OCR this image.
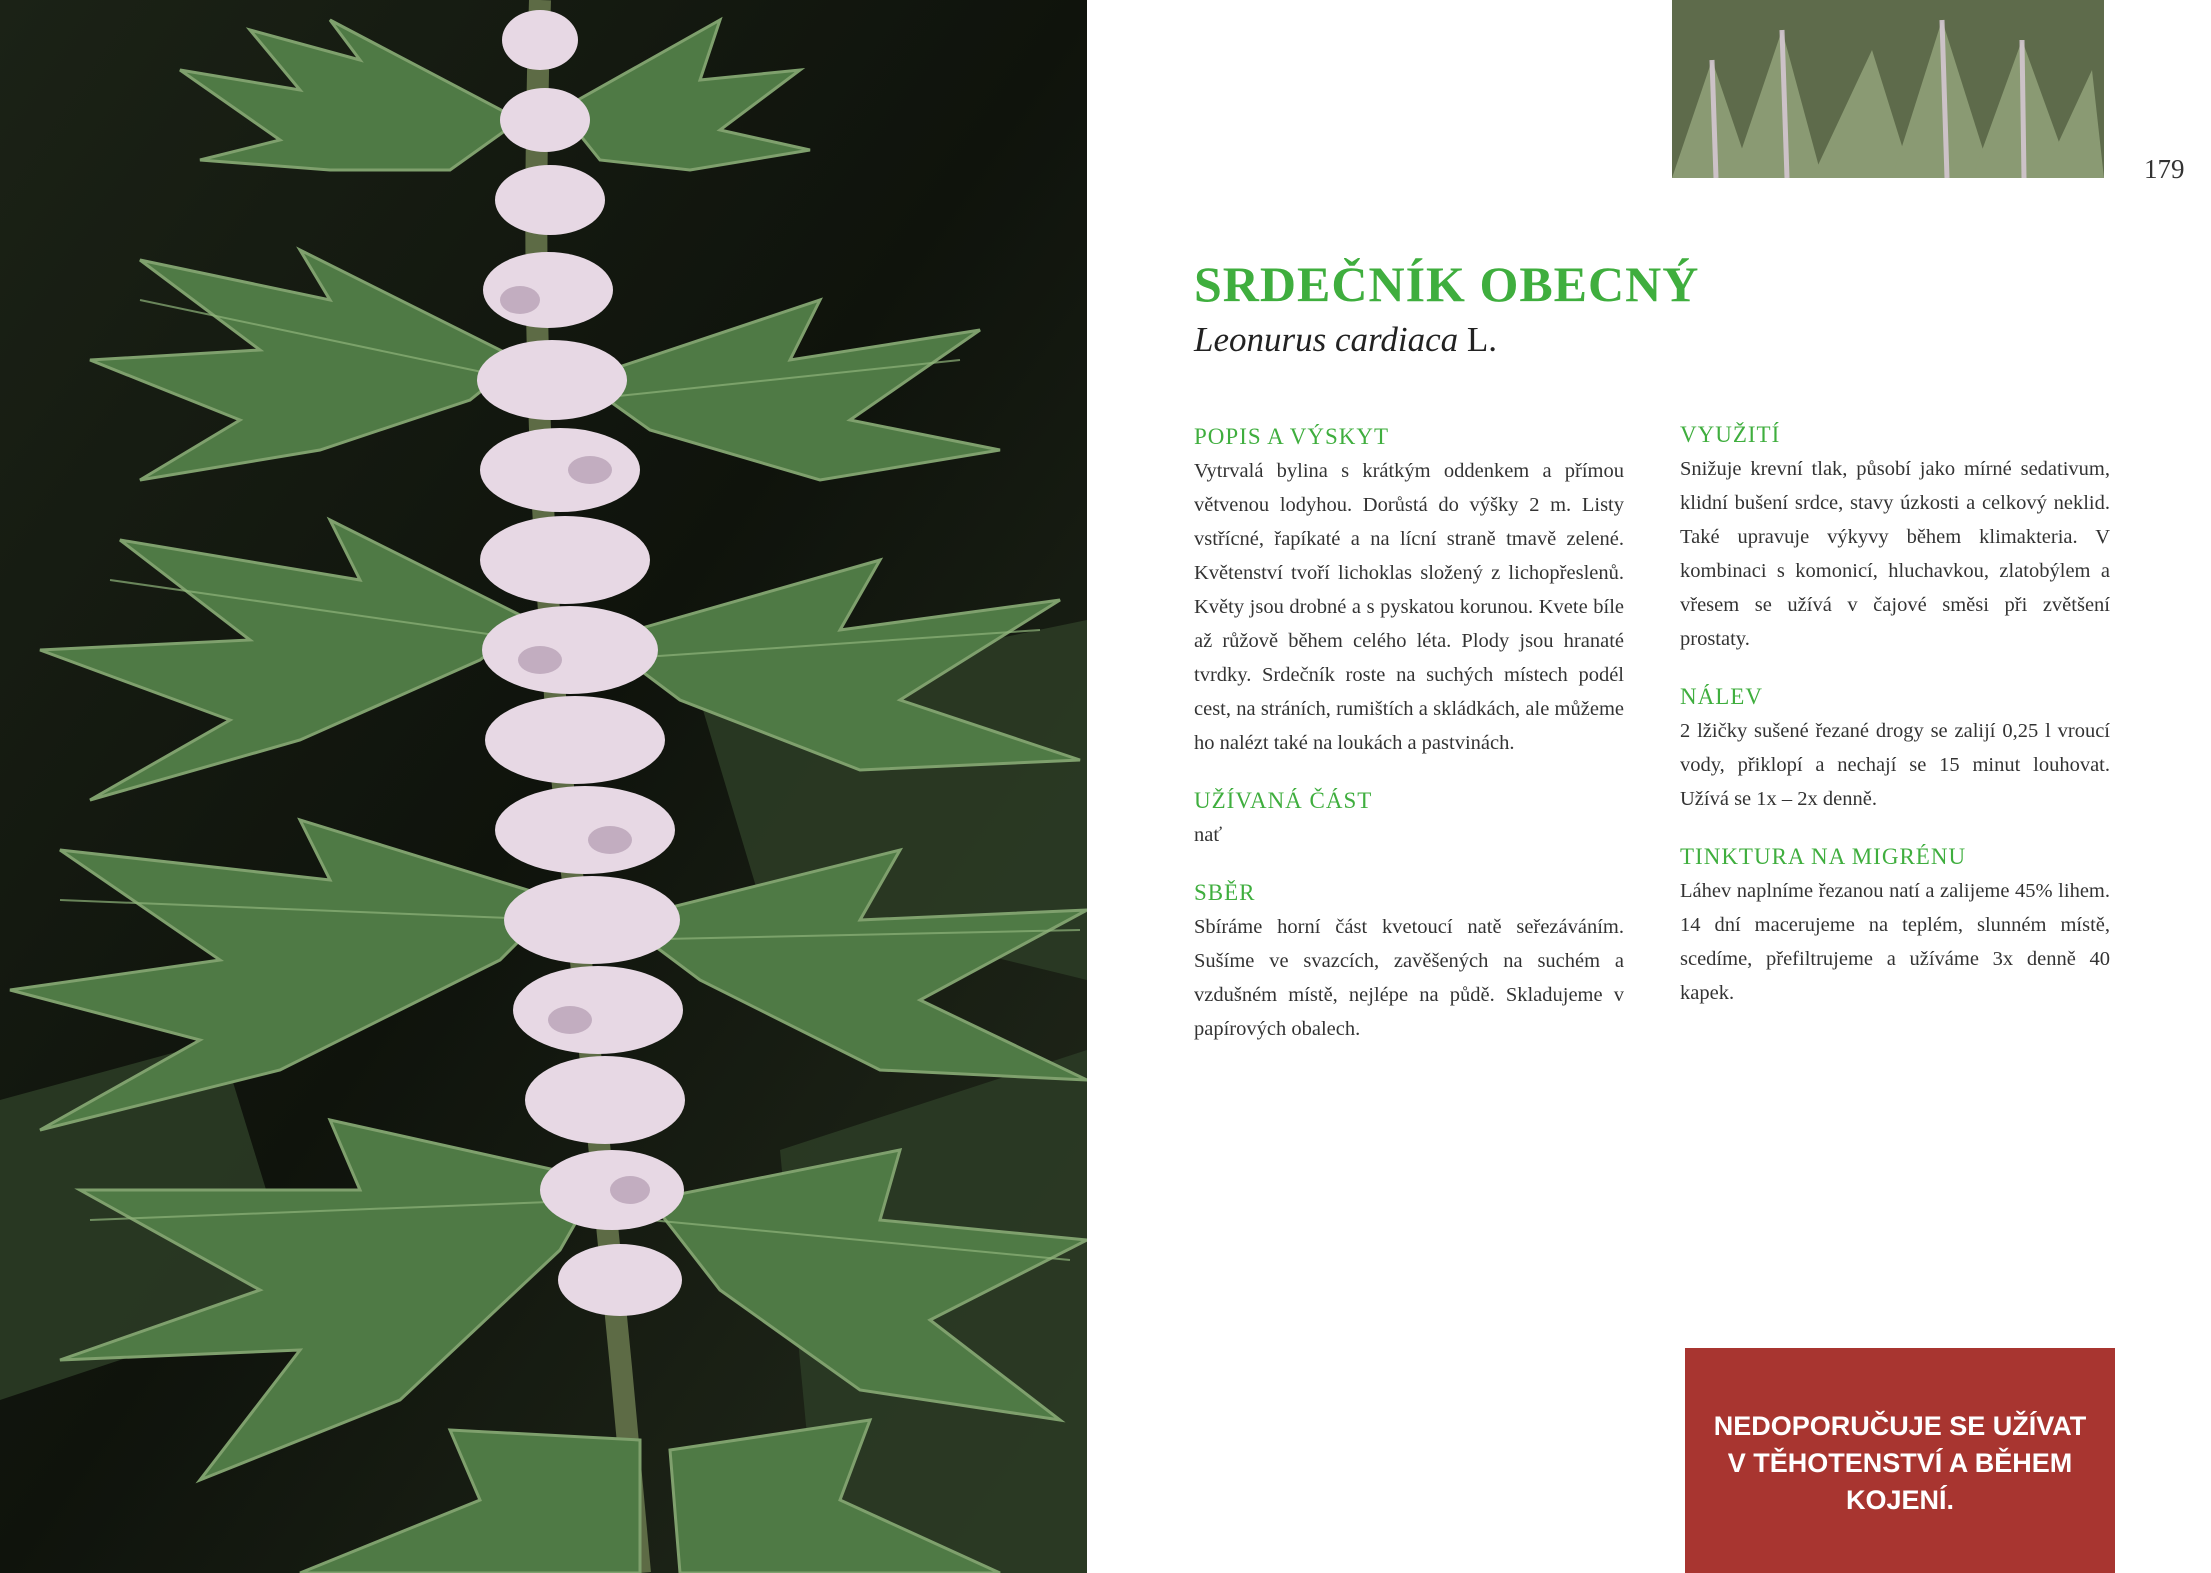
179
SRDEČNÍK OBECNÝ
Leonurus cardiaca L.
POPIS A VÝSKYT

Vytrvalá bylina s krátkým oddenkem a přímou větvenou lodyhou. Dorůstá do výšky 2 m. Listy vstřícné, řapíkaté a na lícní straně tmavě zelené. Květenství tvoří lichoklas složený z lichopřeslenů. Květy jsou drobné a s pyskatou korunou. Kvete bíle až růžově během celého léta. Plody jsou hranaté tvrdky. Srdečník roste na suchých místech podél cest, na stráních, rumištích a skládkách, ale můžeme ho nalézt také na loukách a pastvinách.

UŽÍVANÁ ČÁST

nať

SBĚR

Sbíráme horní část kvetoucí natě seřezáváním. Sušíme ve svazcích, zavěšených na suchém a vzdušném místě, nejlépe na půdě. Skladujeme v papírových obalech.

VYUŽITÍ

Snižuje krevní tlak, působí jako mírné sedativum, klidní bušení srdce, stavy úzkosti a celkový neklid. Také upravuje výkyvy během klimakteria. V kombinaci s komonicí, hluchavkou, zlatobýlem a vřesem se užívá v čajové směsi při zvětšení prostaty.

NÁLEV

2 lžičky sušené řezané drogy se zalijí 0,25 l vroucí vody, přiklopí a nechají se 15 minut louhovat. Užívá se 1x – 2x denně.

TINKTURA NA MIGRÉNU

Láhev naplníme řezanou natí a zalijeme 45% lihem. 14 dní macerujeme na teplém, slunném místě, scedíme, přefiltrujeme a užíváme 3x denně 40 kapek.

NEDOPORUČUJE SE UŽÍVAT V TĚHOTENSTVÍ A BĚHEM KOJENÍ.
